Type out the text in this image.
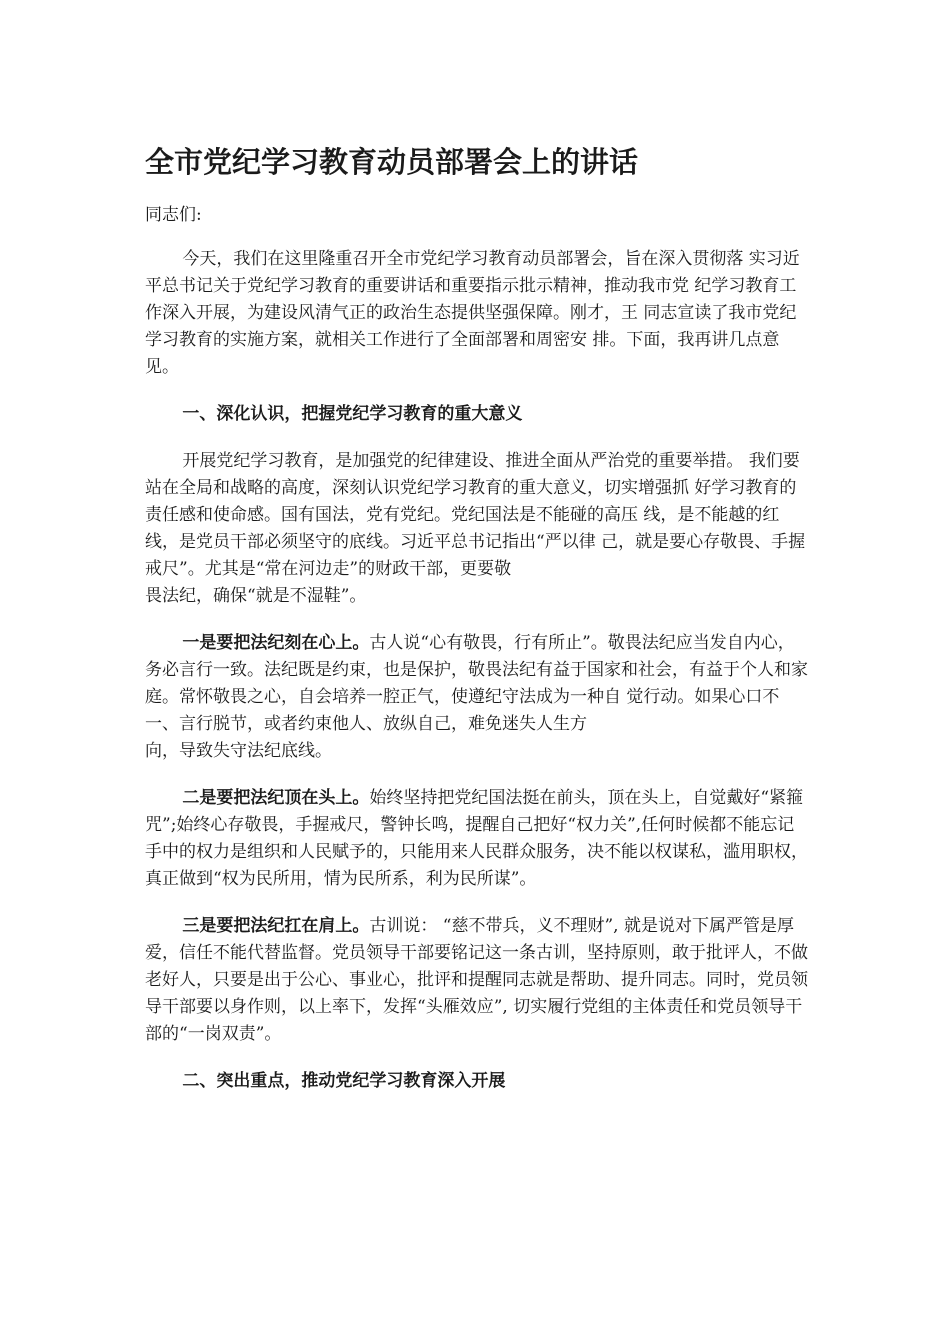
全市党纪学习教育动员部署会上的讲话

同志们:

今天，我们在这里隆重召开全市党纪学习教育动员部署会，旨在深入贯彻落 实习近平总书记关于党纪学习教育的重要讲话和重要指示批示精神，推动我市党 纪学习教育工作深入开展，为建设风清气正的政治生态提供坚强保障。刚才，王 同志宣读了我市党纪学习教育的实施方案，就相关工作进行了全面部署和周密安 排。下面，我再讲几点意见。

一、深化认识，把握党纪学习教育的重大意义

开展党纪学习教育，是加强党的纪律建设、推进全面从严治党的重要举措。 我们要站在全局和战略的高度，深刻认识党纪学习教育的重大意义，切实增强抓 好学习教育的责任感和使命感。国有国法，党有党纪。党纪国法是不能碰的高压 线，是不能越的红线，是党员干部必须坚守的底线。习近平总书记指出“严以律 己，就是要心存敬畏、手握戒尺”。尤其是“常在河边走”的财政干部，更要敬

畏法纪，确保“就是不湿鞋”。

一是要把法纪刻在心上。古人说“心有敬畏，行有所止”。敬畏法纪应当发自内心，务必言行一致。法纪既是约束，也是保护，敬畏法纪有益于国家和社会，有益于个人和家庭。常怀敬畏之心，自会培养一腔正气，使遵纪守法成为一种自 觉行动。如果心口不一、言行脱节，或者约束他人、放纵自己，难免迷失人生方

向，导致失守法纪底线。

二是要把法纪顶在头上。始终坚持把党纪国法挺在前头，顶在头上，自觉戴好“紧箍咒”;始终心存敬畏，手握戒尺，警钟长鸣，提醒自己把好“权力关”,任何时候都不能忘记手中的权力是组织和人民赋予的，只能用来人民群众服务，决不能以权谋私，滥用职权，真正做到“权为民所用，情为民所系，利为民所谋”。

三是要把法纪扛在肩上。古训说： “慈不带兵，义不理财”, 就是说对下属严管是厚爱，信任不能代替监督。党员领导干部要铭记这一条古训，坚持原则，敢于批评人，不做老好人，只要是出于公心、事业心，批评和提醒同志就是帮助、提升同志。同时，党员领导干部要以身作则，以上率下，发挥“头雁效应”, 切实履行党组的主体责任和党员领导干部的“一岗双责”。

二、突出重点，推动党纪学习教育深入开展
